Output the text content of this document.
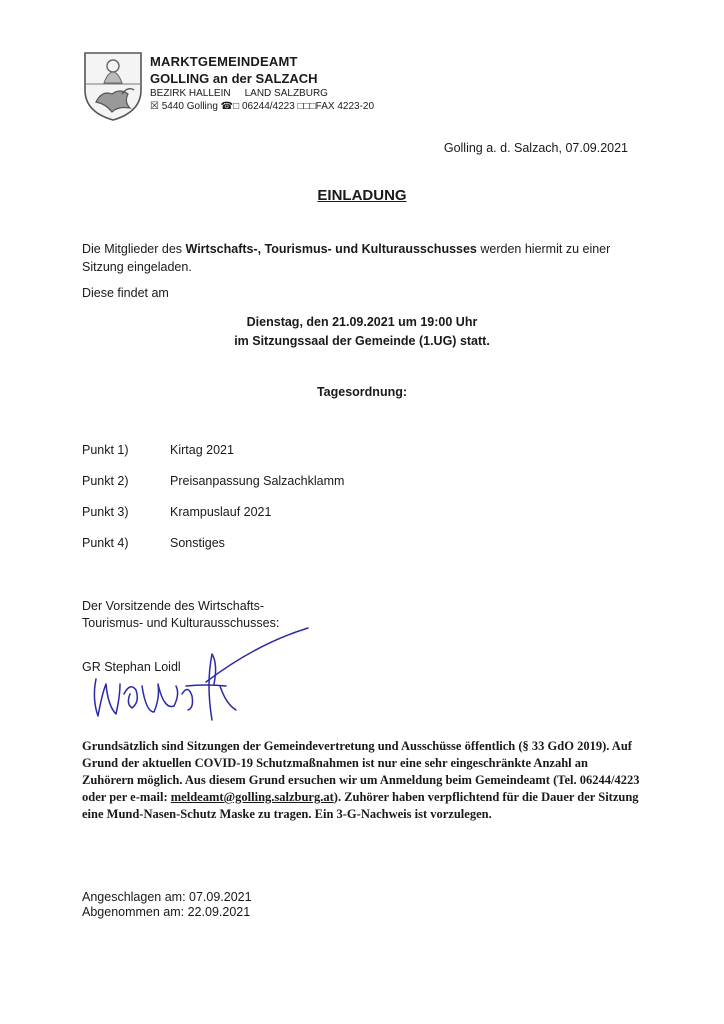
MARKTGEMEINDEAMT
GOLLING an der SALZACH
BEZIRK HALLEIN LAND SALZBURG
☒ 5440 Golling ☎□ 06244/4223 □□□FAX 4223-20
Golling a. d. Salzach, 07.09.2021
EINLADUNG
Die Mitglieder des Wirtschafts-, Tourismus- und Kulturausschusses werden hiermit zu einer Sitzung eingeladen.
Diese findet am
Dienstag, den 21.09.2021 um 19:00 Uhr
im Sitzungssaal der Gemeinde (1.UG) statt.
Tagesordnung:
Punkt 1)	Kirtag 2021
Punkt 2)	Preisanpassung Salzachklamm
Punkt 3)	Krampuslauf 2021
Punkt 4)	Sonstiges
Der Vorsitzende des Wirtschafts-
Tourismus- und Kulturausschusses:
GR Stephan Loidl
Grundsätzlich sind Sitzungen der Gemeindevertretung und Ausschüsse öffentlich (§ 33 GdO 2019). Auf Grund der aktuellen COVID-19 Schutzmaßnahmen ist nur eine sehr eingeschränkte Anzahl an Zuhörern möglich. Aus diesem Grund ersuchen wir um Anmeldung beim Gemeindeamt (Tel. 06244/4223 oder per e-mail: meldeamt@golling.salzburg.at). Zuhörer haben verpflichtend für die Dauer der Sitzung eine Mund-Nasen-Schutz Maske zu tragen. Ein 3-G-Nachweis ist vorzulegen.
Angeschlagen am: 07.09.2021
Abgenommen am: 22.09.2021
